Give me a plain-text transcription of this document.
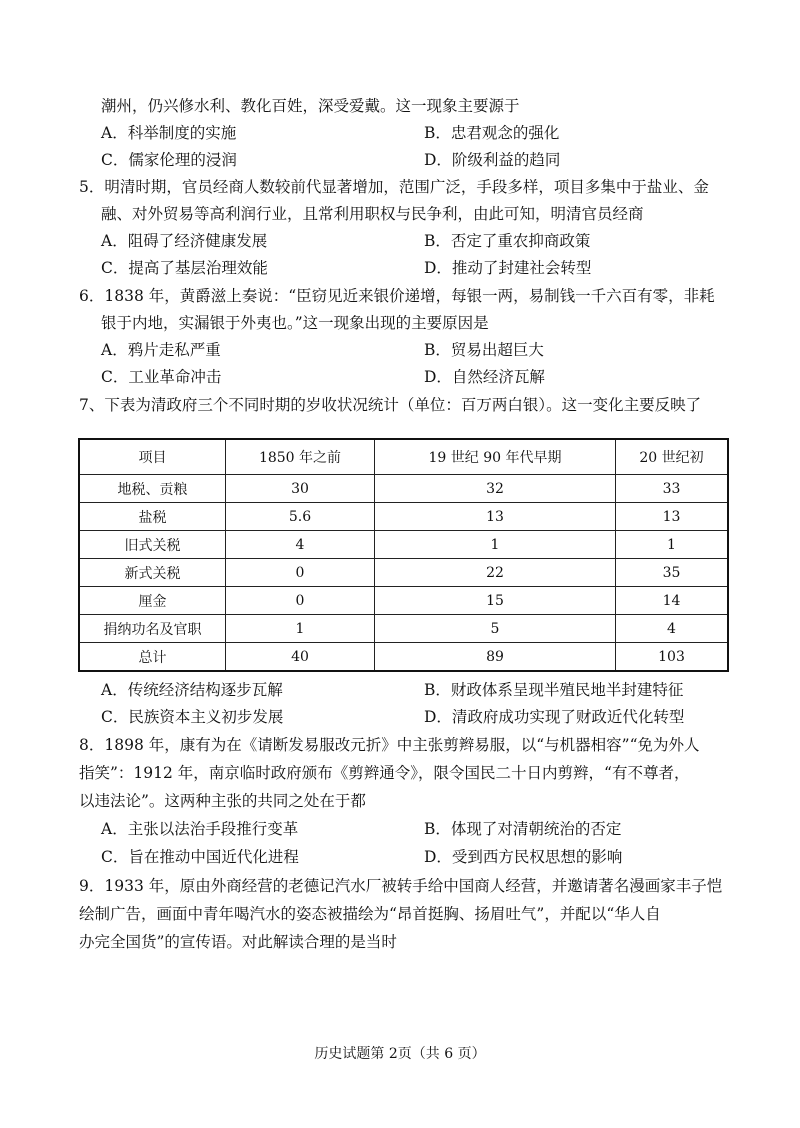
潮州，仍兴修水利、教化百姓，深受爱戴。这一现象主要源于
A．科举制度的实施	B．忠君观念的强化
C．儒家伦理的浸润	D．阶级利益的趋同
5．明清时期，官员经商人数较前代显著增加，范围广泛，手段多样，项目多集中于盐业、金
融、对外贸易等高利润行业，且常利用职权与民争利，由此可知，明清官员经商
A．阻碍了经济健康发展	B．否定了重农抑商政策
C．提高了基层治理效能	D．推动了封建社会转型
6．1838 年，黄爵滋上奏说：“臣窃见近来银价递增，每银一两，易制钱一千六百有零，非耗
银于内地，实漏银于外夷也。”这一现象出现的主要原因是
A．鸦片走私严重	B．贸易出超巨大
C．工业革命冲击	D．自然经济瓦解
7、下表为清政府三个不同时期的岁收状况统计（单位：百万两白银）。这一变化主要反映了
项目	1850 年之前	19 世纪 90 年代早期	20 世纪初
地税、贡粮	30	32	33
盐税	5.6	13	13
旧式关税	4	1	1
新式关税	0	22	35
厘金	0	15	14
捐纳功名及官职	1	5	4
总计	40	89	103
A．传统经济结构逐步瓦解	B．财政体系呈现半殖民地半封建特征
C．民族资本主义初步发展	D．清政府成功实现了财政近代化转型
8．1898 年，康有为在《请断发易服改元折》中主张剪辫易服，以“与机器相容”“免为外人
指笑”：1912 年，南京临时政府颁布《剪辫通令》，限令国民二十日内剪辫，“有不尊者，
以违法论”。这两种主张的共同之处在于都
A．主张以法治手段推行变革	B．体现了对清朝统治的否定
C．旨在推动中国近代化进程	D．受到西方民权思想的影响
9．1933 年，原由外商经营的老德记汽水厂被转手给中国商人经营，并邀请著名漫画家丰子恺
绘制广告，画面中青年喝汽水的姿态被描绘为“昂首挺胸、扬眉吐气”，并配以“华人自
办完全国货”的宣传语。对此解读合理的是当时
历史试题第 2页（共 6 页）
